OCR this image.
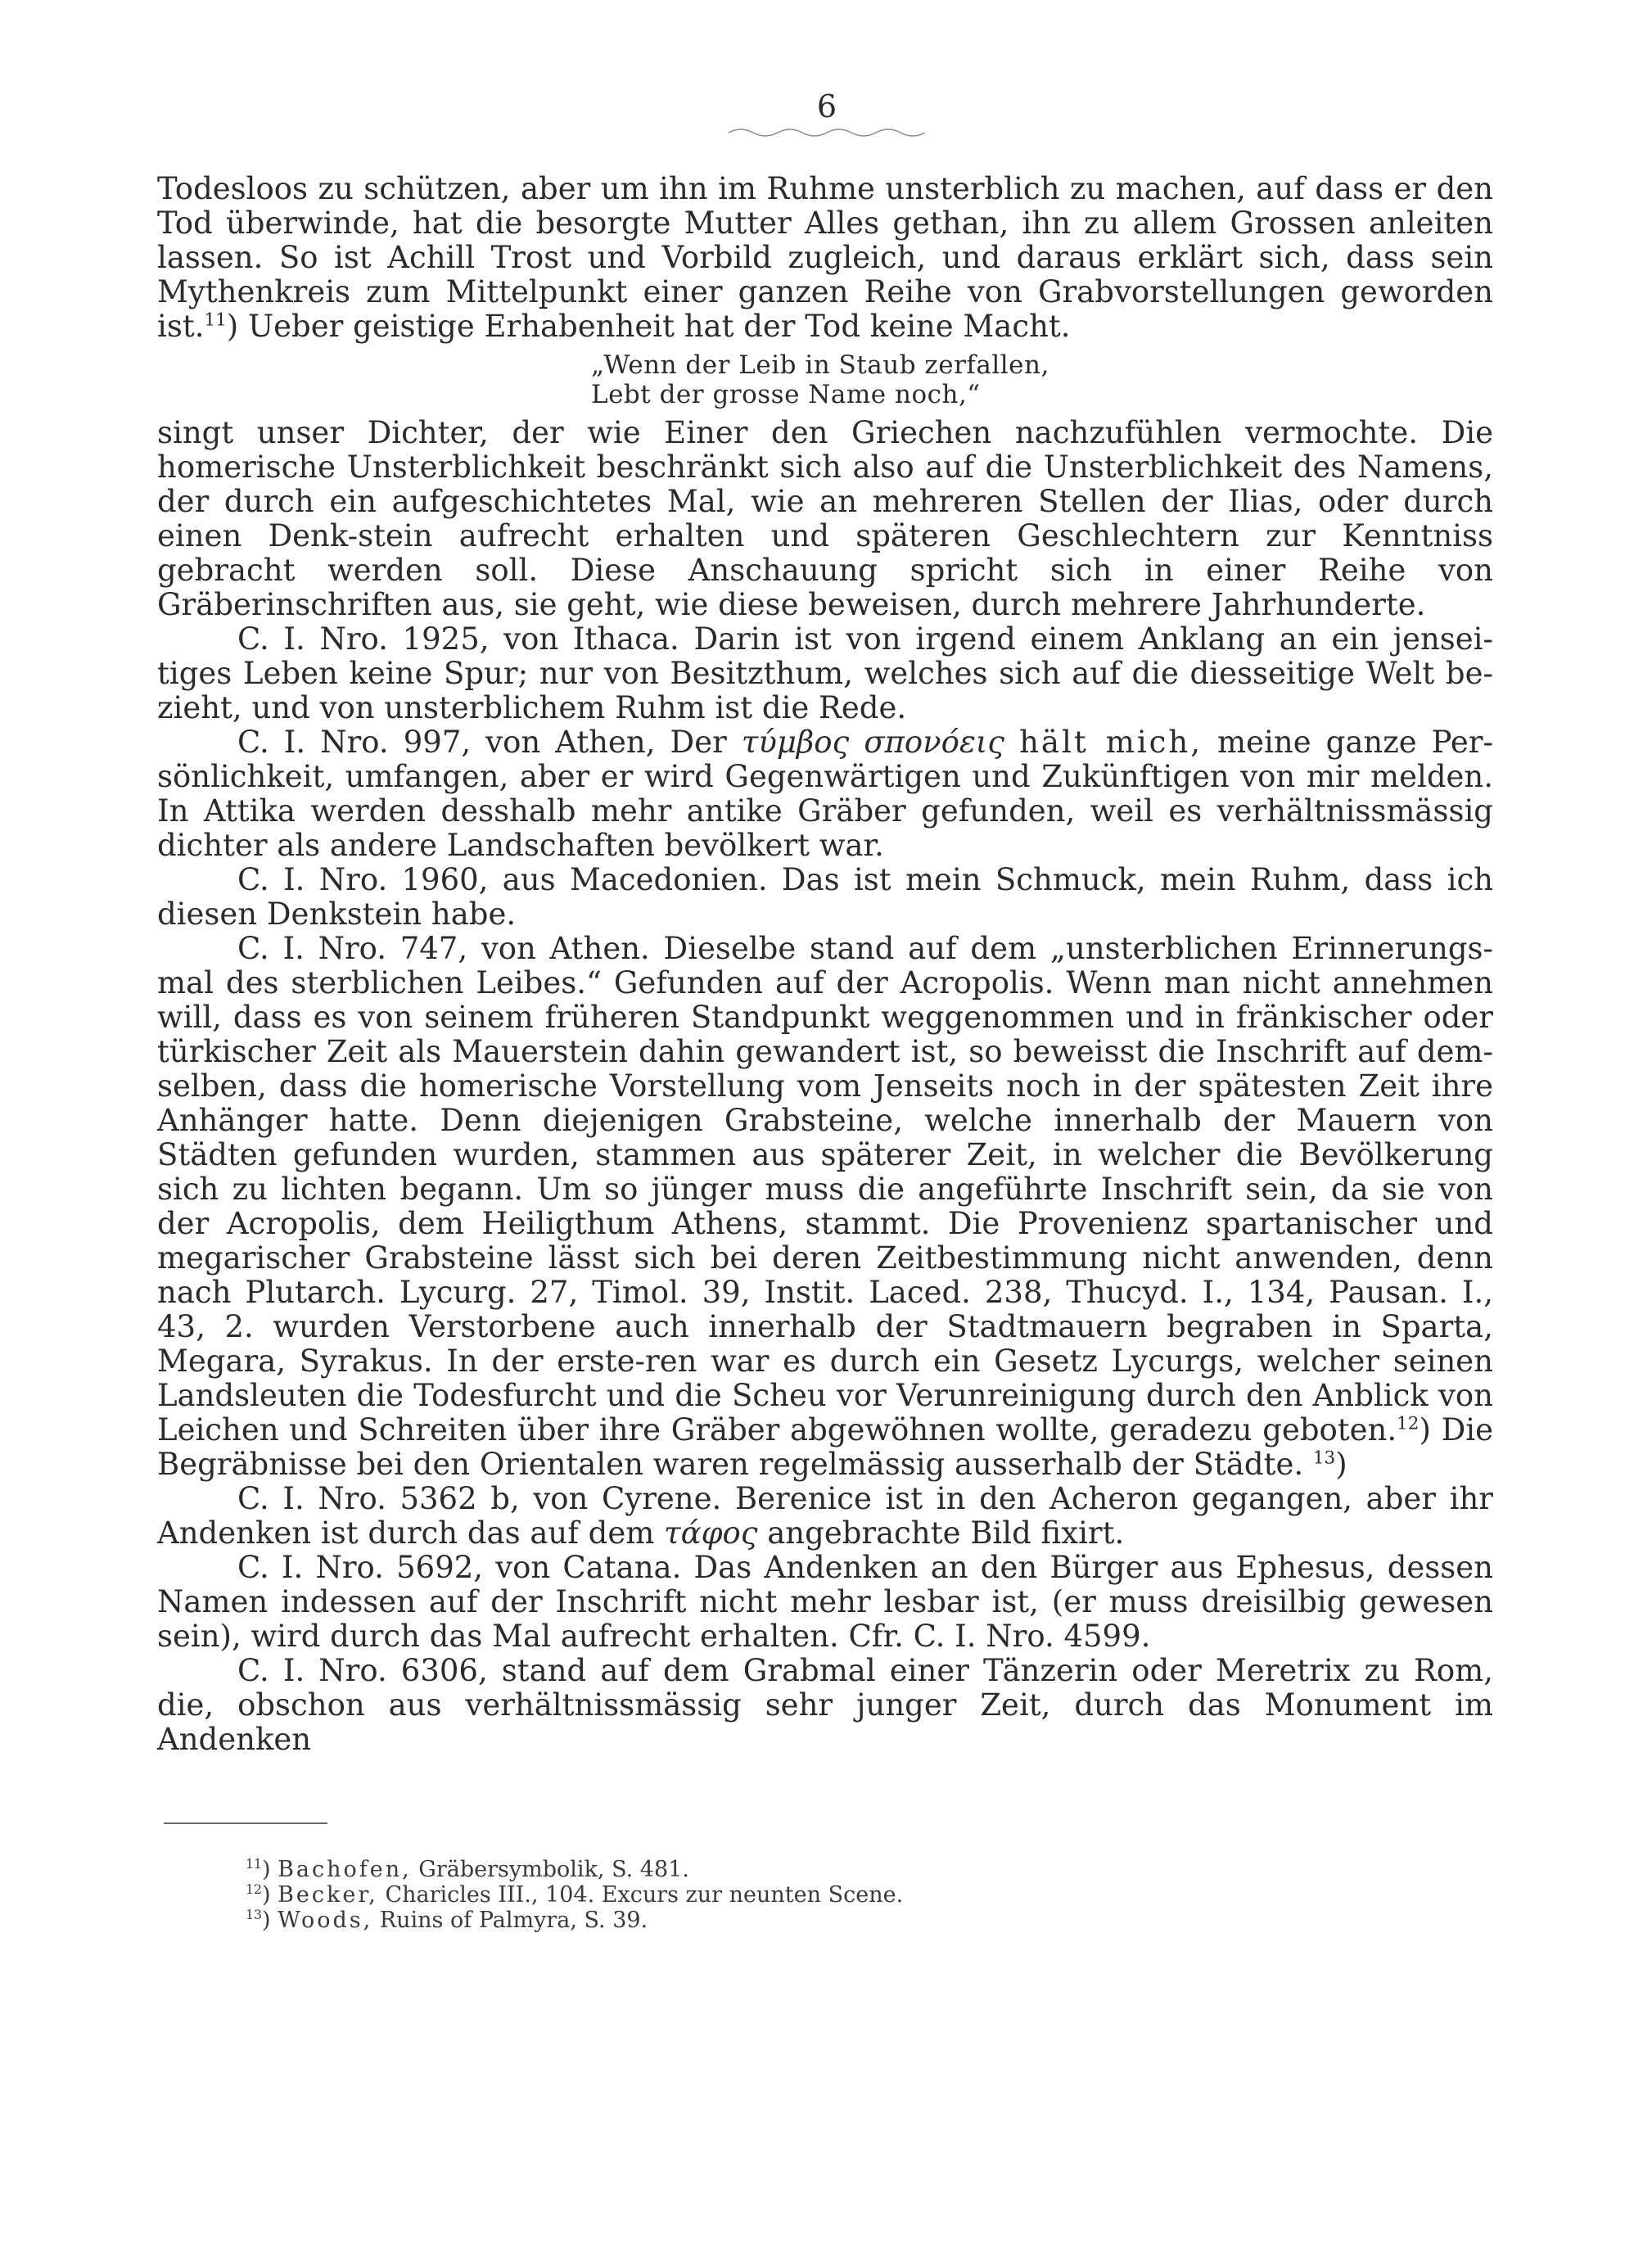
6

Todesloos zu schützen, aber um ihn im Ruhme unsterblich zu machen, auf dass er den Tod überwinde, hat die besorgte Mutter Alles gethan, ihn zu allem Grossen anleiten lassen. So ist Achill Trost und Vorbild zugleich, und daraus erklärt sich, dass sein Mythenkreis zum Mittelpunkt einer ganzen Reihe von Grabvorstellungen geworden ist.$^{11}$) Ueber geistige Erhabenheit hat der Tod keine Macht.

„Wenn der Leib in Staub zerfallen,
Lebt der grosse Name noch,“

singt unser Dichter, der wie Einer den Griechen nachzufühlen vermochte. Die homerische Unsterblichkeit beschränkt sich also auf die Unsterblichkeit des Namens, der durch ein aufgeschichtetes Mal, wie an mehreren Stellen der Ilias, oder durch einen Denk-stein aufrecht erhalten und späteren Geschlechtern zur Kenntniss gebracht werden soll. Diese Anschauung spricht sich in einer Reihe von Gräberinschriften aus, sie geht, wie diese beweisen, durch mehrere Jahrhunderte.

C. I. Nro. 1925, von Ithaca. Darin ist von irgend einem Anklang an ein jensei-tiges Leben keine Spur; nur von Besitzthum, welches sich auf die diesseitige Welt be-zieht, und von unsterblichem Ruhm ist die Rede.

C. I. Nro. 997, von Athen, Der τύμβος σπονόεις hält mich, meine ganze Per-sönlichkeit, umfangen, aber er wird Gegenwärtigen und Zukünftigen von mir melden. In Attika werden desshalb mehr antike Gräber gefunden, weil es verhältnissmässig dichter als andere Landschaften bevölkert war.

C. I. Nro. 1960, aus Macedonien. Das ist mein Schmuck, mein Ruhm, dass ich diesen Denkstein habe.

C. I. Nro. 747, von Athen. Dieselbe stand auf dem „unsterblichen Erinnerungs-mal des sterblichen Leibes.“ Gefunden auf der Acropolis. Wenn man nicht annehmen will, dass es von seinem früheren Standpunkt weggenommen und in fränkischer oder türkischer Zeit als Mauerstein dahin gewandert ist, so beweisst die Inschrift auf dem-selben, dass die homerische Vorstellung vom Jenseits noch in der spätesten Zeit ihre Anhänger hatte. Denn diejenigen Grabsteine, welche innerhalb der Mauern von Städten gefunden wurden, stammen aus späterer Zeit, in welcher die Bevölkerung sich zu lichten begann. Um so jünger muss die angeführte Inschrift sein, da sie von der Acropolis, dem Heiligthum Athens, stammt. Die Provenienz spartanischer und megarischer Grabsteine lässt sich bei deren Zeitbestimmung nicht anwenden, denn nach Plutarch. Lycurg. 27, Timol. 39, Instit. Laced. 238, Thucyd. I., 134, Pausan. I., 43, 2. wurden Verstorbene auch innerhalb der Stadtmauern begraben in Sparta, Megara, Syrakus. In der erste-ren war es durch ein Gesetz Lycurgs, welcher seinen Landsleuten die Todesfurcht und die Scheu vor Verunreinigung durch den Anblick von Leichen und Schreiten über ihre Gräber abgewöhnen wollte, geradezu geboten.$^{12}$) Die Begräbnisse bei den Orientalen waren regelmässig ausserhalb der Städte. $^{13}$)

C. I. Nro. 5362 b, von Cyrene. Berenice ist in den Acheron gegangen, aber ihr Andenken ist durch das auf dem τάφος angebrachte Bild fixirt.

C. I. Nro. 5692, von Catana. Das Andenken an den Bürger aus Ephesus, dessen Namen indessen auf der Inschrift nicht mehr lesbar ist, (er muss dreisilbig gewesen sein), wird durch das Mal aufrecht erhalten. Cfr. C. I. Nro. 4599.

C. I. Nro. 6306, stand auf dem Grabmal einer Tänzerin oder Meretrix zu Rom, die, obschon aus verhältnissmässig sehr junger Zeit, durch das Monument im Andenken

$^{11}$) Bachofen, Gräbersymbolik, S. 481.

$^{12}$) Becker, Charicles III., 104. Excurs zur neunten Scene.

$^{13}$) Woods, Ruins of Palmyra, S. 39.
